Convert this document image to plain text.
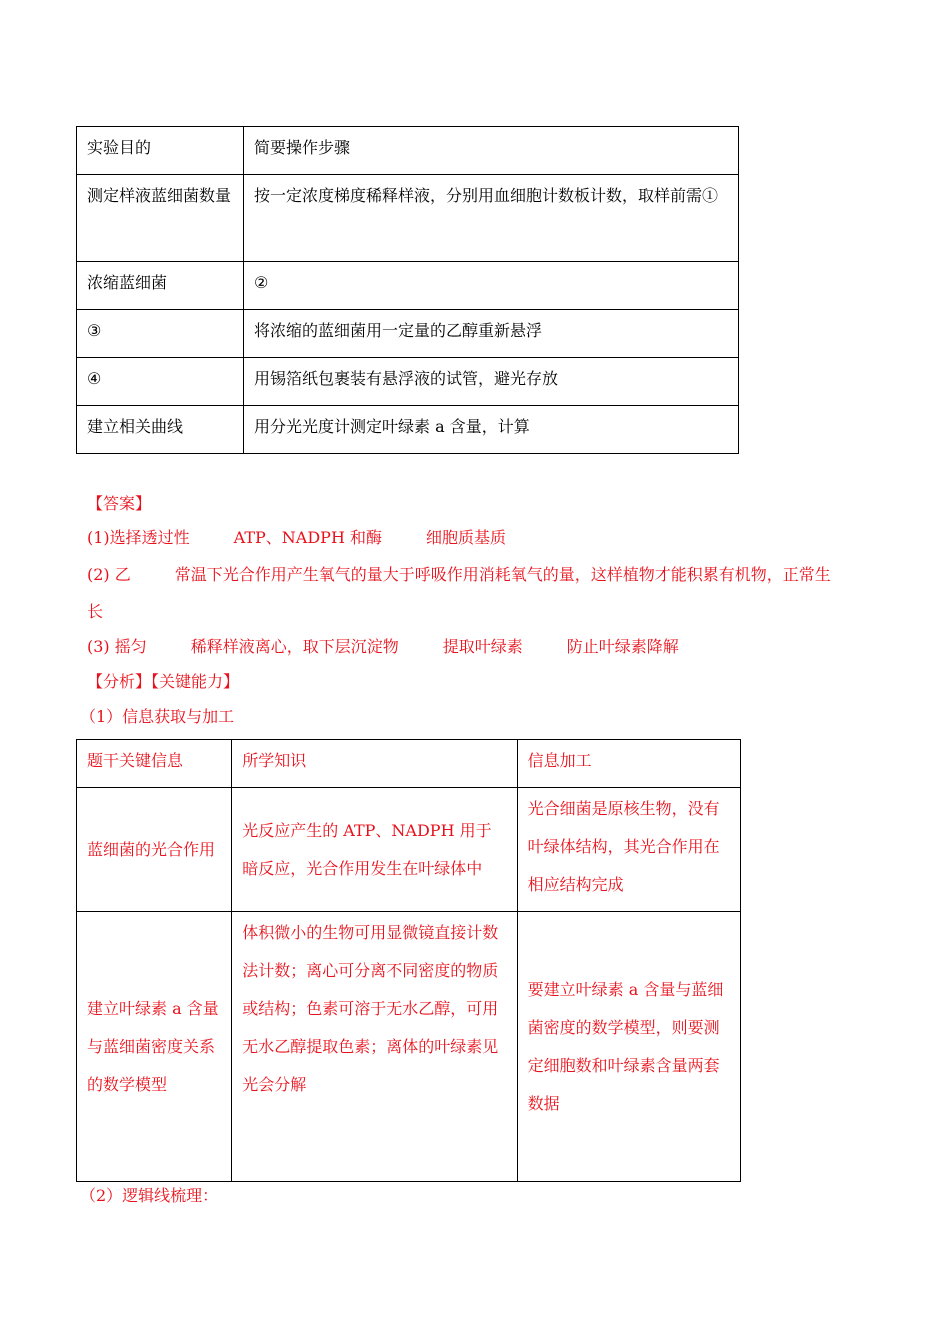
实验目的	简要操作步骤
测定样液蓝细菌数量	按一定浓度梯度稀释样液，分别用血细胞计数板计数，取样前需①
浓缩蓝细菌	②
③	将浓缩的蓝细菌用一定量的乙醇重新悬浮
④	用锡箔纸包裹装有悬浮液的试管，避光存放
建立相关曲线	用分光光度计测定叶绿素 a 含量，计算
【答案】
(1)选择透过性	ATP、NADPH 和酶	细胞质基质
(2) 乙	常温下光合作用产生氧气的量大于呼吸作用消耗氧气的量，这样植物才能积累有机物，正常生
长
(3) 摇匀	稀释样液离心，取下层沉淀物	提取叶绿素	防止叶绿素降解
【分析】【关键能力】
（1）信息获取与加工
题干关键信息	所学知识	信息加工
蓝细菌的光合作用	光反应产生的 ATP、NADPH 用于暗反应，光合作用发生在叶绿体中	光合细菌是原核生物，没有叶绿体结构，其光合作用在相应结构完成
建立叶绿素 a 含量与蓝细菌密度关系的数学模型	体积微小的生物可用显微镜直接计数法计数；离心可分离不同密度的物质或结构；色素可溶于无水乙醇，可用无水乙醇提取色素；离体的叶绿素见光会分解	要建立叶绿素 a 含量与蓝细菌密度的数学模型，则要测定细胞数和叶绿素含量两套数据
（2）逻辑线梳理：
